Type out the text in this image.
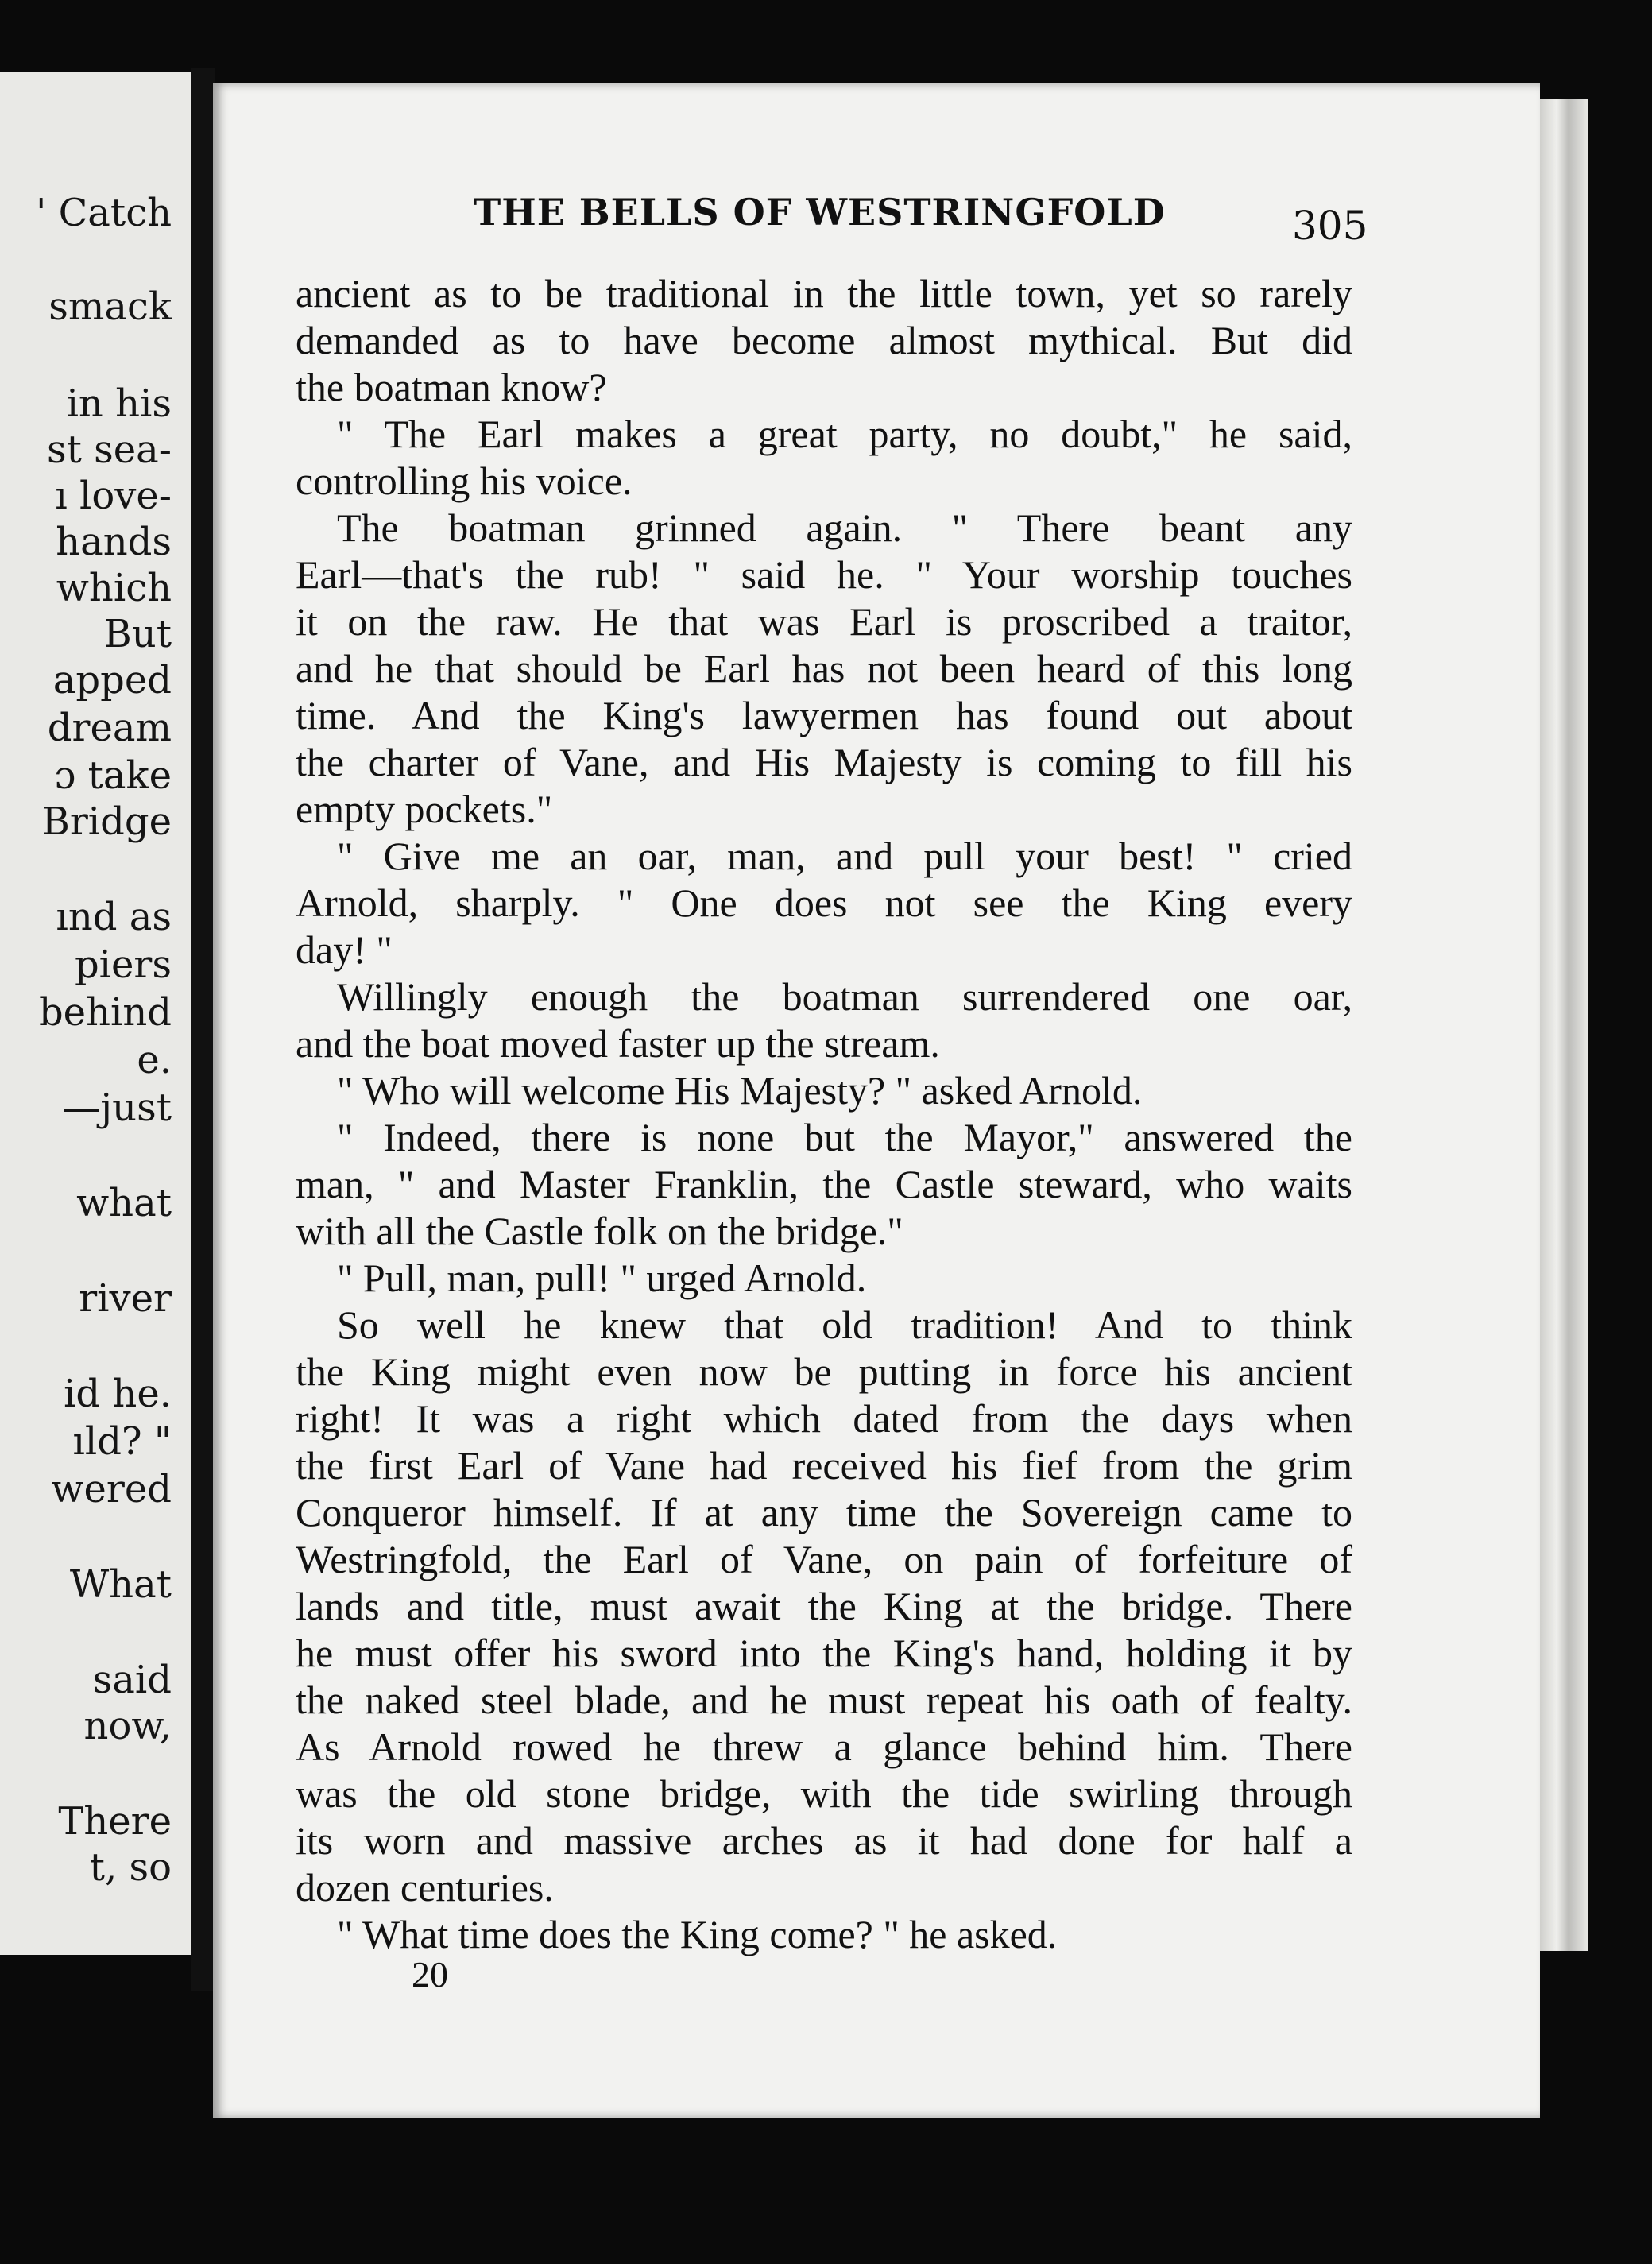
' Catch
smack
in his
st sea-
ı love-
hands
which
But
apped
dream
ɔ take
Bridge
ınd as
piers
behind
e.
—just
what
river
id he.
ıld? "
wered
What
said
now,
There
t, so
THE BELLS OF WESTRINGFOLD	305
ancient as to be traditional in the little town, yet so rarely
demanded as to have become almost mythical. But did
the boatman know?
" The Earl makes a great party, no doubt," he said,
controlling his voice.
The boatman grinned again. " There beant any
Earl—that's the rub! " said he. " Your worship touches
it on the raw. He that was Earl is proscribed a traitor,
and he that should be Earl has not been heard of this long
time. And the King's lawyermen has found out about
the charter of Vane, and His Majesty is coming to fill his
empty pockets."
" Give me an oar, man, and pull your best! " cried
Arnold, sharply. " One does not see the King every
day! "
Willingly enough the boatman surrendered one oar,
and the boat moved faster up the stream.
" Who will welcome His Majesty? " asked Arnold.
" Indeed, there is none but the Mayor," answered the
man, " and Master Franklin, the Castle steward, who waits
with all the Castle folk on the bridge."
" Pull, man, pull! " urged Arnold.
So well he knew that old tradition! And to think
the King might even now be putting in force his ancient
right! It was a right which dated from the days when
the first Earl of Vane had received his fief from the grim
Conqueror himself. If at any time the Sovereign came to
Westringfold, the Earl of Vane, on pain of forfeiture of
lands and title, must await the King at the bridge. There
he must offer his sword into the King's hand, holding it by
the naked steel blade, and he must repeat his oath of fealty.
As Arnold rowed he threw a glance behind him. There
was the old stone bridge, with the tide swirling through
its worn and massive arches as it had done for half a
dozen centuries.
" What time does the King come? " he asked.
20
